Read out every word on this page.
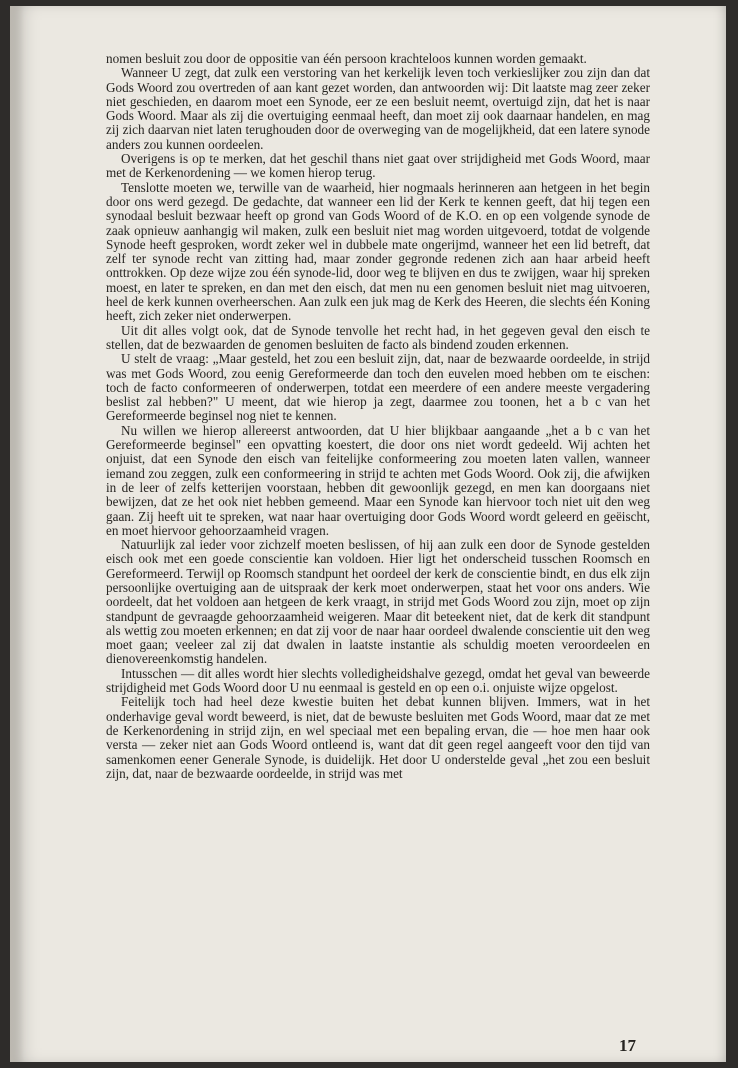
nomen besluit zou door de oppositie van één persoon krachteloos kunnen worden gemaakt.

Wanneer U zegt, dat zulk een verstoring van het kerkelijk leven toch verkieslijker zou zijn dan dat Gods Woord zou overtreden of aan kant gezet worden, dan antwoorden wij: Dit laatste mag zeer zeker niet geschieden, en daarom moet een Synode, eer ze een besluit neemt, overtuigd zijn, dat het is naar Gods Woord. Maar als zij die overtuiging eenmaal heeft, dan moet zij ook daarnaar handelen, en mag zij zich daarvan niet laten terughouden door de overweging van de mogelijkheid, dat een latere synode anders zou kunnen oordeelen.

Overigens is op te merken, dat het geschil thans niet gaat over strijdigheid met Gods Woord, maar met de Kerkenordening — we komen hierop terug.

Tenslotte moeten we, terwille van de waarheid, hier nogmaals herinneren aan hetgeen in het begin door ons werd gezegd. De gedachte, dat wanneer een lid der Kerk te kennen geeft, dat hij tegen een synodaal besluit bezwaar heeft op grond van Gods Woord of de K.O. en op een volgende synode de zaak opnieuw aanhangig wil maken, zulk een besluit niet mag worden uitgevoerd, totdat de volgende Synode heeft gesproken, wordt zeker wel in dubbele mate ongerijmd, wanneer het een lid betreft, dat zelf ter synode recht van zitting had, maar zonder gegronde redenen zich aan haar arbeid heeft onttrokken. Op deze wijze zou één synode-lid, door weg te blijven en dus te zwijgen, waar hij spreken moest, en later te spreken, en dan met den eisch, dat men nu een genomen besluit niet mag uitvoeren, heel de kerk kunnen overheerschen. Aan zulk een juk mag de Kerk des Heeren, die slechts één Koning heeft, zich zeker niet onderwerpen.

Uit dit alles volgt ook, dat de Synode tenvolle het recht had, in het gegeven geval den eisch te stellen, dat de bezwaarden de genomen besluiten de facto als bindend zouden erkennen.

U stelt de vraag: „Maar gesteld, het zou een besluit zijn, dat, naar de bezwaarde oordeelde, in strijd was met Gods Woord, zou eenig Gereformeerde dan toch den euvelen moed hebben om te eischen: toch de facto conformeeren of onderwerpen, totdat een meerdere of een andere meeste vergadering beslist zal hebben?" U meent, dat wie hierop ja zegt, daarmee zou toonen, het a b c van het Gereformeerde beginsel nog niet te kennen.

Nu willen we hierop allereerst antwoorden, dat U hier blijkbaar aangaande „het a b c van het Gereformeerde beginsel" een opvatting koestert, die door ons niet wordt gedeeld. Wij achten het onjuist, dat een Synode den eisch van feitelijke conformeering zou moeten laten vallen, wanneer iemand zou zeggen, zulk een conformeering in strijd te achten met Gods Woord. Ook zij, die afwijken in de leer of zelfs ketterijen voorstaan, hebben dit gewoonlijk gezegd, en men kan doorgaans niet bewijzen, dat ze het ook niet hebben gemeend. Maar een Synode kan hiervoor toch niet uit den weg gaan. Zij heeft uit te spreken, wat naar haar overtuiging door Gods Woord wordt geleerd en geëischt, en moet hiervoor gehoorzaamheid vragen.

Natuurlijk zal ieder voor zichzelf moeten beslissen, of hij aan zulk een door de Synode gestelden eisch ook met een goede conscientie kan voldoen. Hier ligt het onderscheid tusschen Roomsch en Gereformeerd. Terwijl op Roomsch standpunt het oordeel der kerk de conscientie bindt, en dus elk zijn persoonlijke overtuiging aan de uitspraak der kerk moet onderwerpen, staat het voor ons anders. Wie oordeelt, dat het voldoen aan hetgeen de kerk vraagt, in strijd met Gods Woord zou zijn, moet op zijn standpunt de gevraagde gehoorzaamheid weigeren. Maar dit beteekent niet, dat de kerk dit standpunt als wettig zou moeten erkennen; en dat zij voor de naar haar oordeel dwalende conscientie uit den weg moet gaan; veeleer zal zij dat dwalen in laatste instantie als schuldig moeten veroordeelen en dienovereenkomstig handelen.

Intusschen — dit alles wordt hier slechts volledigheidshalve gezegd, omdat het geval van beweerde strijdigheid met Gods Woord door U nu eenmaal is gesteld en op een o.i. onjuiste wijze opgelost.

Feitelijk toch had heel deze kwestie buiten het debat kunnen blijven. Immers, wat in het onderhavige geval wordt beweerd, is niet, dat de bewuste besluiten met Gods Woord, maar dat ze met de Kerkenordening in strijd zijn, en wel speciaal met een bepaling ervan, die — hoe men haar ook versta — zeker niet aan Gods Woord ontleend is, want dat dit geen regel aangeeft voor den tijd van samenkomen eener Generale Synode, is duidelijk. Het door U onderstelde geval „het zou een besluit zijn, dat, naar de bezwaarde oordeelde, in strijd was met

17
